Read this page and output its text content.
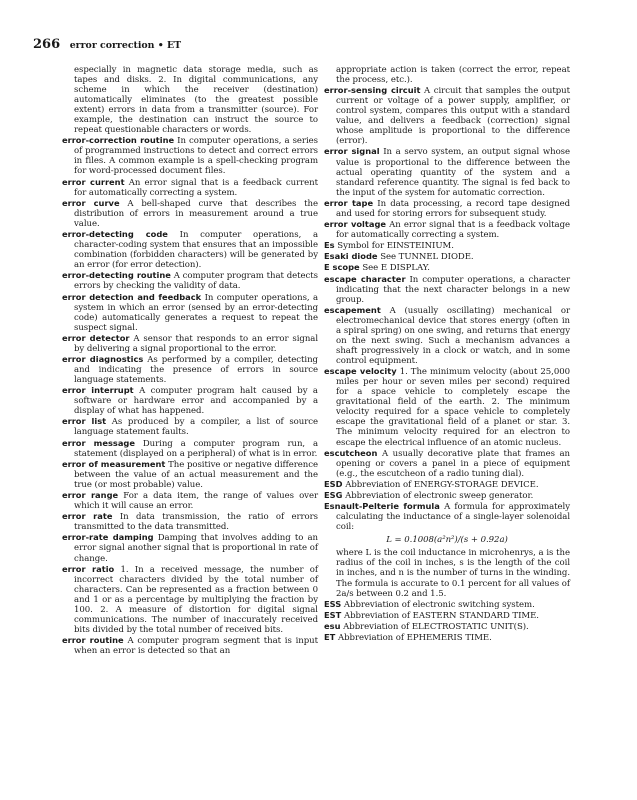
266 error correction • ET

especially in magnetic data storage media, such as tapes and disks. 2. In digital communications, any scheme in which the receiver (destination) automatically eliminates (to the greatest possible extent) errors in data from a transmitter (source). For example, the destination can instruct the source to repeat questionable characters or words.

error-correction routine In computer operations, a series of programmed instructions to detect and correct errors in files. A common example is a spell-checking program for word-processed document files.

error current An error signal that is a feedback current for automatically correcting a system.

error curve A bell-shaped curve that describes the distribution of errors in measurement around a true value.

error-detecting code In computer operations, a character-coding system that ensures that an impossible combination (forbidden characters) will be generated by an error (for error detection).

error-detecting routine A computer program that detects errors by checking the validity of data.

error detection and feedback In computer operations, a system in which an error (sensed by an error-detecting code) automatically generates a request to repeat the suspect signal.

error detector A sensor that responds to an error signal by delivering a signal proportional to the error.

error diagnostics As performed by a compiler, detecting and indicating the presence of errors in source language statements.

error interrupt A computer program halt caused by a software or hardware error and accompanied by a display of what has happened.

error list As produced by a compiler, a list of source language statement faults.

error message During a computer program run, a statement (displayed on a peripheral) of what is in error.

error of measurement The positive or negative difference between the value of an actual measurement and the true (or most probable) value.

error range For a data item, the range of values over which it will cause an error.

error rate In data transmission, the ratio of errors transmitted to the data transmitted.

error-rate damping Damping that involves adding to an error signal another signal that is proportional in rate of change.

error ratio 1. In a received message, the number of incorrect characters divided by the total number of characters. Can be represented as a fraction between 0 and 1 or as a percentage by multiplying the fraction by 100. 2. A measure of distortion for digital signal communications. The number of inaccurately received bits divided by the total number of received bits.

error routine A computer program segment that is input when an error is detected so that an

appropriate action is taken (correct the error, repeat the process, etc.).

error-sensing circuit A circuit that samples the output current or voltage of a power supply, amplifier, or control system, compares this output with a standard value, and delivers a feedback (correction) signal whose amplitude is proportional to the difference (error).

error signal In a servo system, an output signal whose value is proportional to the difference between the actual operating quantity of the system and a standard reference quantity. The signal is fed back to the input of the system for automatic correction.

error tape In data processing, a record tape designed and used for storing errors for subsequent study.

error voltage An error signal that is a feedback voltage for automatically correcting a system.

Es Symbol for EINSTEINIUM.

Esaki diode See TUNNEL DIODE.

E scope See E DISPLAY.

escape character In computer operations, a character indicating that the next character belongs in a new group.

escapement A (usually oscillating) mechanical or electromechanical device that stores energy (often in a spiral spring) on one swing, and returns that energy on the next swing. Such a mechanism advances a shaft progressively in a clock or watch, and in some control equipment.

escape velocity 1. The minimum velocity (about 25,000 miles per hour or seven miles per second) required for a space vehicle to completely escape the gravitational field of the earth. 2. The minimum velocity required for a space vehicle to completely escape the gravitational field of a planet or star. 3. The minimum velocity required for an electron to escape the electrical influence of an atomic nucleus.

escutcheon A usually decorative plate that frames an opening or covers a panel in a piece of equipment (e.g., the escutcheon of a radio tuning dial).

ESD Abbreviation of ENERGY-STORAGE DEVICE.

ESG Abbreviation of electronic sweep generator.

Esnault-Pelterie formula A formula for approximately calculating the inductance of a single-layer solenoidal coil:

L = 0.1008(a²n²)/(s + 0.92a)

where L is the coil inductance in microhenrys, a is the radius of the coil in inches, s is the length of the coil in inches, and n is the number of turns in the winding. The formula is accurate to 0.1 percent for all values of 2a/s between 0.2 and 1.5.

ESS Abbreviation of electronic switching system.

EST Abbreviation of EASTERN STANDARD TIME.

esu Abbreviation of ELECTROSTATIC UNIT(S).

ET Abbreviation of EPHEMERIS TIME.
